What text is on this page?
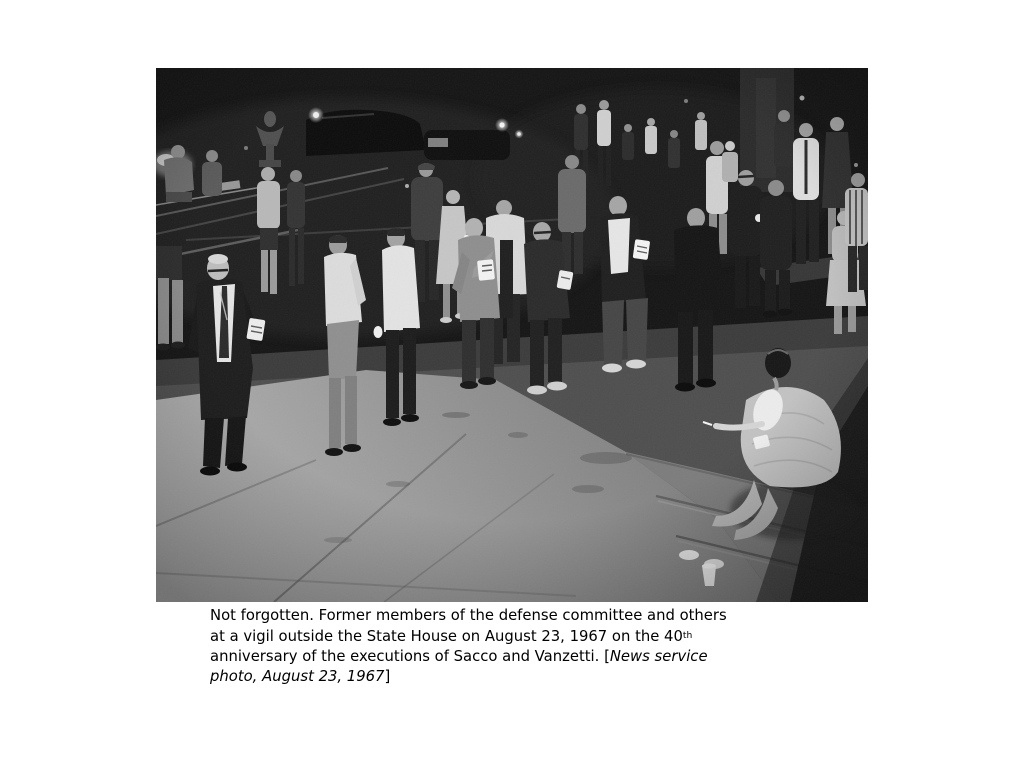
Not forgotten. Former members of the defense committee and others
at a vigil outside the State House on August 23, 1967 on the 40th
anniversary of the executions of Sacco and Vanzetti. [News service
photo, August 23, 1967]
